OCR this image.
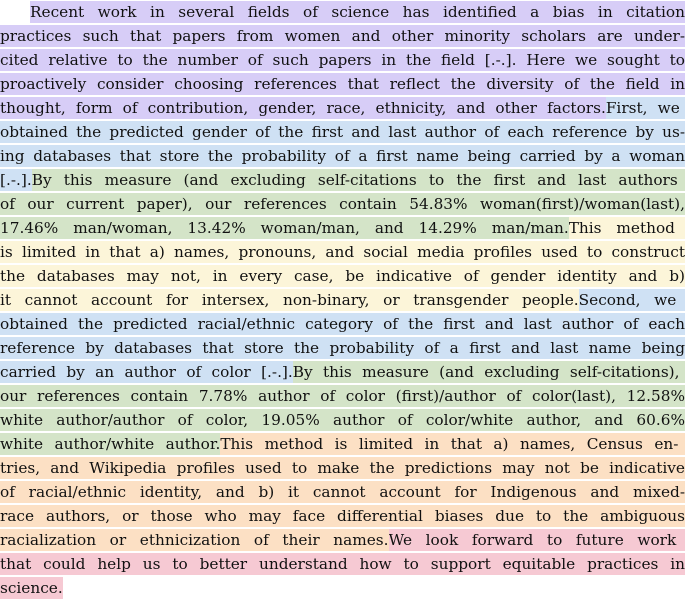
Recent work in several fields of science has identified a bias in citation
practices such that papers from women and other minority scholars are under-
cited relative to the number of such papers in the field [.-.]. Here we sought to
proactively consider choosing references that reflect the diversity of the field in
thought, form of contribution, gender, race, ethnicity, and other factors.First, we
obtained the predicted gender of the first and last author of each reference by us-
ing databases that store the probability of a first name being carried by a woman
[.-.].By this measure (and excluding self-citations to the first and last authors
of our current paper), our references contain 54.83% woman(first)/woman(last),
17.46% man/woman, 13.42% woman/man, and 14.29% man/man.This method
is limited in that a) names, pronouns, and social media profiles used to construct
the databases may not, in every case, be indicative of gender identity and b)
it cannot account for intersex, non-binary, or transgender people.Second, we
obtained the predicted racial/ethnic category of the first and last author of each
reference by databases that store the probability of a first and last name being
carried by an author of color [.-.].By this measure (and excluding self-citations),
our references contain 7.78% author of color (first)/author of color(last), 12.58%
white author/author of color, 19.05% author of color/white author, and 60.6%
white author/white author.This method is limited in that a) names, Census en-
tries, and Wikipedia profiles used to make the predictions may not be indicative
of racial/ethnic identity, and b) it cannot account for Indigenous and mixed-
race authors, or those who may face differential biases due to the ambiguous
racialization or ethnicization of their names.We look forward to future work
that could help us to better understand how to support equitable practices in
science.
